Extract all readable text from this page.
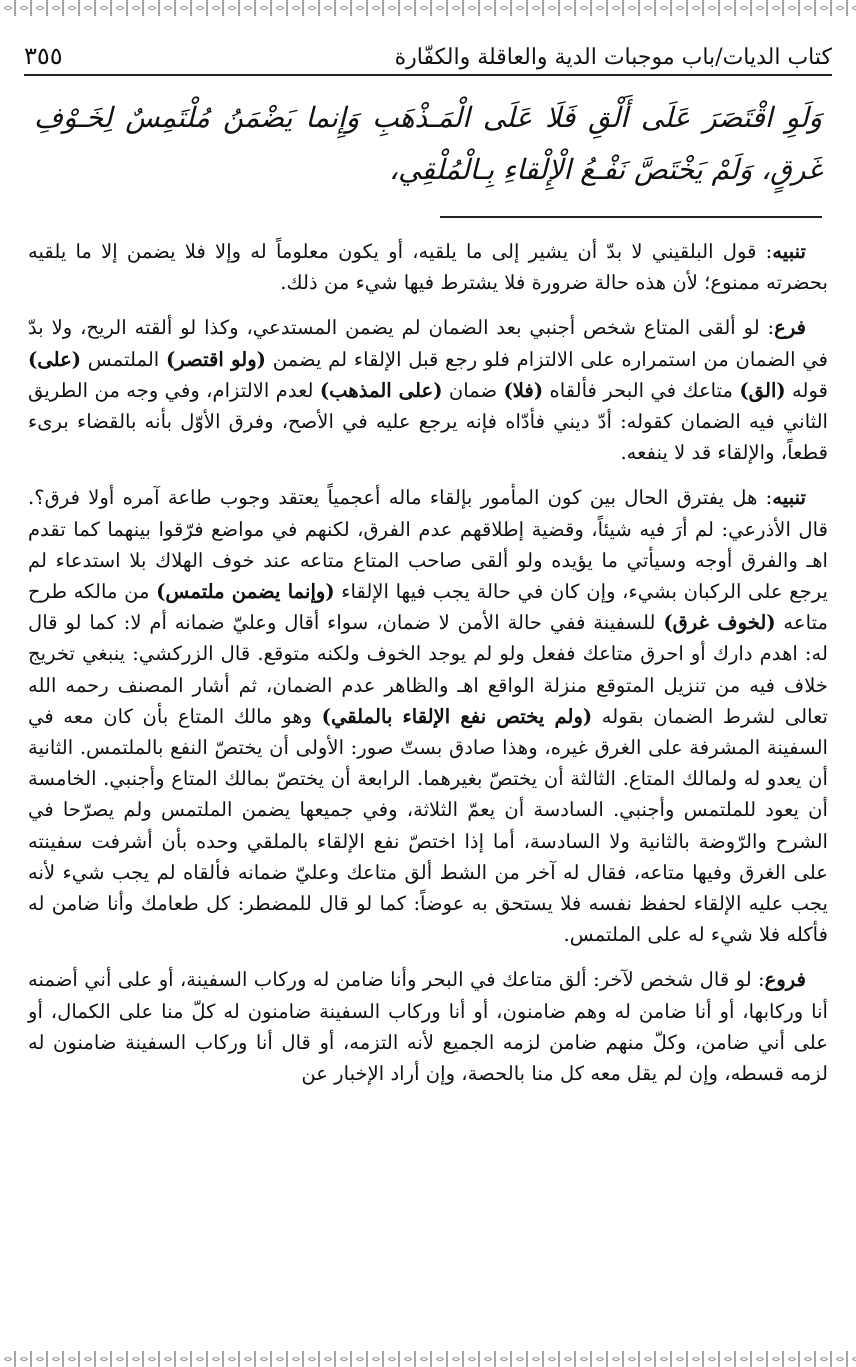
كتاب الديات/باب موجبات الدية والعاقلة والكفّارة
٣٥٥
وَلَوِ اقْتَصَرَ عَلَى أَلْقِ فَلَا عَلَى الْمَـذْهَبِ وَإِنما يَضْمَنُ مُلْتَمِسٌ لِخَـوْفِ غَرقٍ، وَلَمْ يَخْتَصَّ نَفْـعُ الْإِلْقاءِ بِـالْمُلْقِي،

تنبيه: قول البلقيني لا بدّ أن يشير إلى ما يلقيه، أو يكون معلوماً له وإلا فلا يضمن إلا ما يلقيه بحضرته ممنوع؛ لأن هذه حالة ضرورة فلا يشترط فيها شيء من ذلك.

فرع: لو ألقى المتاع شخص أجنبي بعد الضمان لم يضمن المستدعي، وكذا لو ألقته الريح، ولا بدّ في الضمان من استمراره على الالتزام فلو رجع قبل الإلقاء لم يضمن (ولو اقتصر) الملتمس (على) قوله (الق) متاعك في البحر فألقاه (فلا) ضمان (على المذهب) لعدم الالتزام، وفي وجه من الطريق الثاني فيه الضمان كقوله: أدّ ديني فأدّاه فإنه يرجع عليه في الأصح، وفرق الأوّل بأنه بالقضاء برىء قطعاً، والإلقاء قد لا ينفعه.

تنبيه: هل يفترق الحال بين كون المأمور بإلقاء ماله أعجمياً يعتقد وجوب طاعة آمره أولا فرق؟. قال الأذرعي: لم أرَ فيه شيئاً، وقضية إطلاقهم عدم الفرق، لكنهم في مواضع فرّقوا بينهما كما تقدم اهـ والفرق أوجه وسيأتي ما يؤيده ولو ألقى صاحب المتاع متاعه عند خوف الهلاك بلا استدعاء لم يرجع على الركبان بشيء، وإن كان في حالة يجب فيها الإلقاء (وإنما يضمن ملتمس) من مالكه طرح متاعه (لخوف غرق) للسفينة ففي حالة الأمن لا ضمان، سواء أقال وعليّ ضمانه أم لا: كما لو قال له: اهدم دارك أو احرق متاعك ففعل ولو لم يوجد الخوف ولكنه متوقع. قال الزركشي: ينبغي تخريج خلاف فيه من تنزيل المتوقع منزلة الواقع اهـ والظاهر عدم الضمان، ثم أشار المصنف رحمه الله تعالى لشرط الضمان بقوله (ولم يختص نفع الإلقاء بالملقي) وهو مالك المتاع بأن كان معه في السفينة المشرفة على الغرق غيره، وهذا صادق بستّ صور: الأولى أن يختصّ النفع بالملتمس. الثانية أن يعدو له ولمالك المتاع. الثالثة أن يختصّ بغيرهما. الرابعة أن يختصّ بمالك المتاع وأجنبي. الخامسة أن يعود للملتمس وأجنبي. السادسة أن يعمّ الثلاثة، وفي جميعها يضمن الملتمس ولم يصرّحا في الشرح والرّوضة بالثانية ولا السادسة، أما إذا اختصّ نفع الإلقاء بالملقي وحده بأن أشرفت سفينته على الغرق وفيها متاعه، فقال له آخر من الشط ألق متاعك وعليّ ضمانه فألقاه لم يجب شيء لأنه يجب عليه الإلقاء لحفظ نفسه فلا يستحق به عوضاً: كما لو قال للمضطر: كل طعامك وأنا ضامن له فأكله فلا شيء له على الملتمس.

فروع: لو قال شخص لآخر: ألق متاعك في البحر وأنا ضامن له وركاب السفينة، أو على أني أضمنه أنا وركابها، أو أنا ضامن له وهم ضامنون، أو أنا وركاب السفينة ضامنون له كلّ منا على الكمال، أو على أني ضامن، وكلّ منهم ضامن لزمه الجميع لأنه التزمه، أو قال أنا وركاب السفينة ضامنون له لزمه قسطه، وإن لم يقل معه كل منا بالحصة، وإن أراد الإخبار عن
